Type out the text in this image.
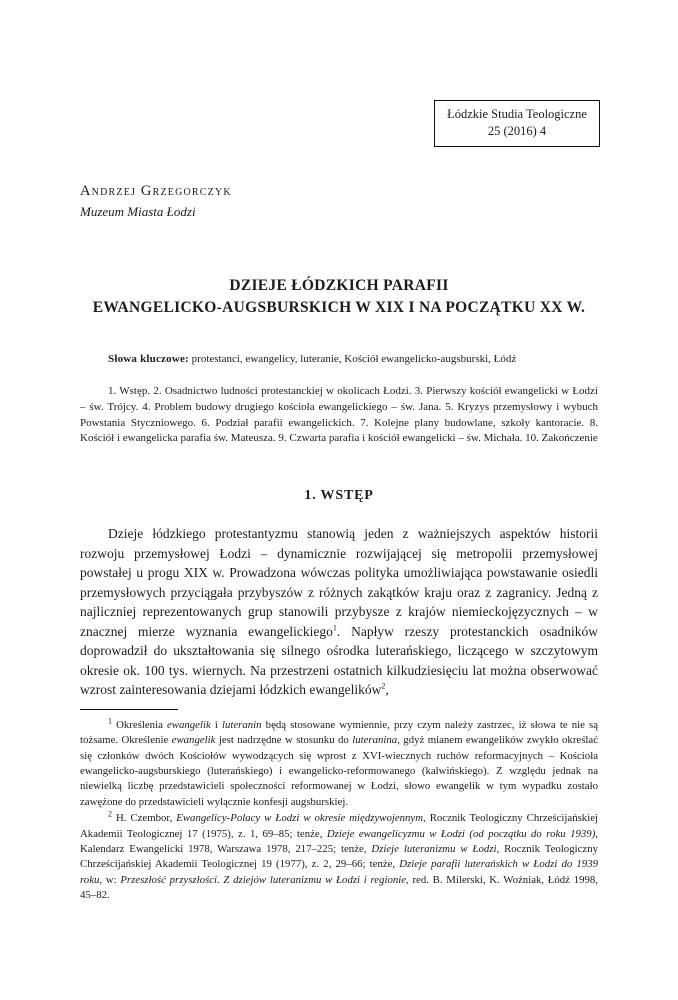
Łódzkie Studia Teologiczne
25 (2016) 4
Andrzej Grzegorczyk
Muzeum Miasta Łodzi
DZIEJE ŁÓDZKICH PARAFII
EWANGELICKO-AUGSBURSKICH W XIX I NA POCZĄTKU XX W.
Słowa kluczowe: protestanci, ewangelicy, luteranie, Kościół ewangelicko-augsburski, Łódź
1. Wstęp. 2. Osadnictwo ludności protestanckiej w okolicach Łodzi. 3. Pierwszy kościół ewangelicki w Łodzi – św. Trójcy. 4. Problem budowy drugiego kościoła ewangelickiego – św. Jana. 5. Kryzys przemysłowy i wybuch Powstania Styczniowego. 6. Podział parafii ewangelickich. 7. Kolejne plany budowlane, szkoły kantoracie. 8. Kościół i ewangelicka parafia św. Mateusza. 9. Czwarta parafia i kościół ewangelicki – św. Michała. 10. Zakończenie
1. WSTĘP
Dzieje łódzkiego protestantyzmu stanowią jeden z ważniejszych aspektów historii rozwoju przemysłowej Łodzi – dynamicznie rozwijającej się metropolii przemysłowej powstałej u progu XIX w. Prowadzona wówczas polityka umożliwiająca powstawanie osiedli przemysłowych przyciągała przybyszów z różnych zakątków kraju oraz z zagranicy. Jedną z najliczniej reprezentowanych grup stanowili przybysze z krajów niemieckojęzycznych – w znacznej mierze wyznania ewangelickiego$^1$. Napływ rzeszy protestanckich osadników doprowadził do ukształtowania się silnego ośrodka luterańskiego, liczącego w szczytowym okresie ok. 100 tys. wiernych. Na przestrzeni ostatnich kilkudziesięciu lat można obserwować wzrost zainteresowania dziejami łódzkich ewangelików$^2$,
$^1$ Określenia ewangelik i luteranin będą stosowane wymiennie, przy czym należy zastrzec, iż słowa te nie są tożsame. Określenie ewangelik jest nadrzędne w stosunku do luteranina, gdyż mianem ewangelików zwykło określać się członków dwóch Kościołów wywodzących się wprost z XVI-wiecznych ruchów reformacyjnych – Kościoła ewangelicko-augsburskiego (luterańskiego) i ewangelicko-reformowanego (kalwińskiego). Z względu jednak na niewielką liczbę przedstawicieli społeczności reformowanej w Łodzi, słowo ewangelik w tym wypadku zostało zawężone do przedstawicieli wyłącznie konfesji augsburskiej.
$^2$ H. Czembor, Ewangelicy-Polacy w Łodzi w okresie międzywojennym, Rocznik Teologiczny Chrześcijańskiej Akademii Teologicznej 17 (1975), z. 1, 69–85; tenże, Dzieje ewangelicyzmu w Łodzi (od początku do roku 1939), Kalendarz Ewangelicki 1978, Warszawa 1978, 217–225; tenże, Dzieje luteranizmu w Łodzi, Rocznik Teologiczny Chrześcijańskiej Akademii Teologicznej 19 (1977), z. 2, 29–66; tenże, Dzieje parafii luterańskich w Łodzi do 1939 roku, w: Przeszłość przyszłości. Z dziejów luteranizmu w Łodzi i regionie, red. B. Milerski, K. Woźniak, Łódź 1998, 45–82.
